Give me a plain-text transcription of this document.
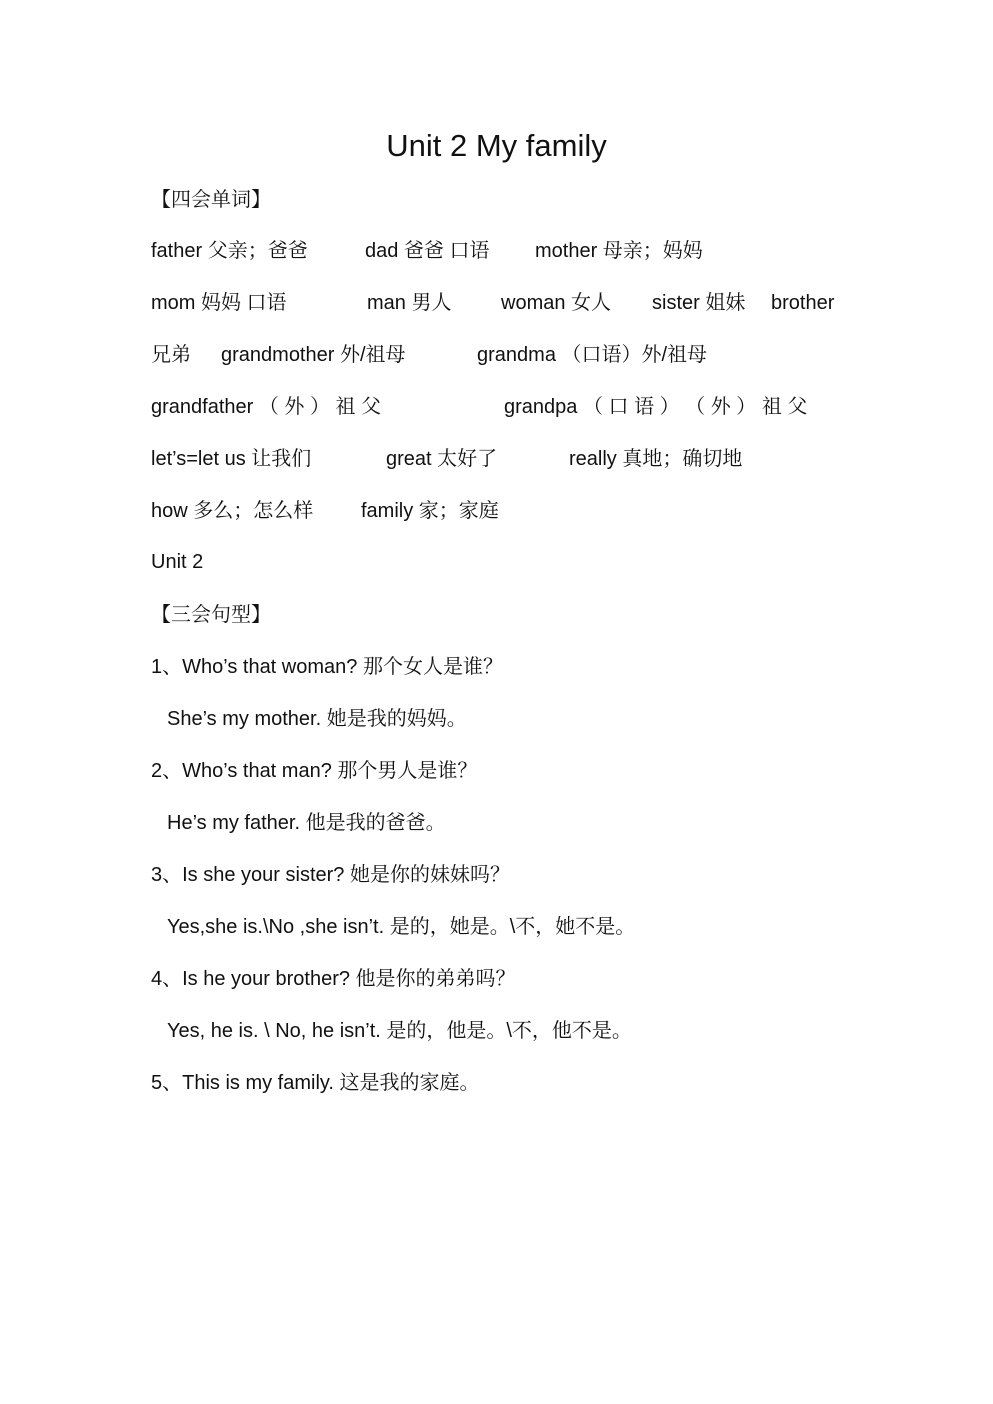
Unit 2 My family
【四会单词】
father 父亲；爸爸	dad 爸爸 口语 mother 母亲；妈妈
mom 妈妈 口语	man 男人 woman 女人 sister 姐妹 brother
兄弟 grandmother 外/祖母	grandma （口语）外/祖母
grandfather （ 外 ） 祖 父	grandpa （ 口 语 ） （ 外 ） 祖 父
let’s=let us 让我们	great 太好了	really 真地；确切地
how 多么；怎么样 family 家；家庭
Unit 2
【三会句型】
1、Who’s that woman? 那个女人是谁？
She’s my mother. 她是我的妈妈。
2、Who’s that man? 那个男人是谁？
He’s my father. 他是我的爸爸。
3、Is she your sister? 她是你的妹妹吗？
Yes,she is.\No ,she isn’t. 是的，她是。\不，她不是。
4、Is he your brother? 他是你的弟弟吗？
Yes, he is. \ No, he isn’t. 是的，他是。\不，他不是。
5、This is my family. 这是我的家庭。
